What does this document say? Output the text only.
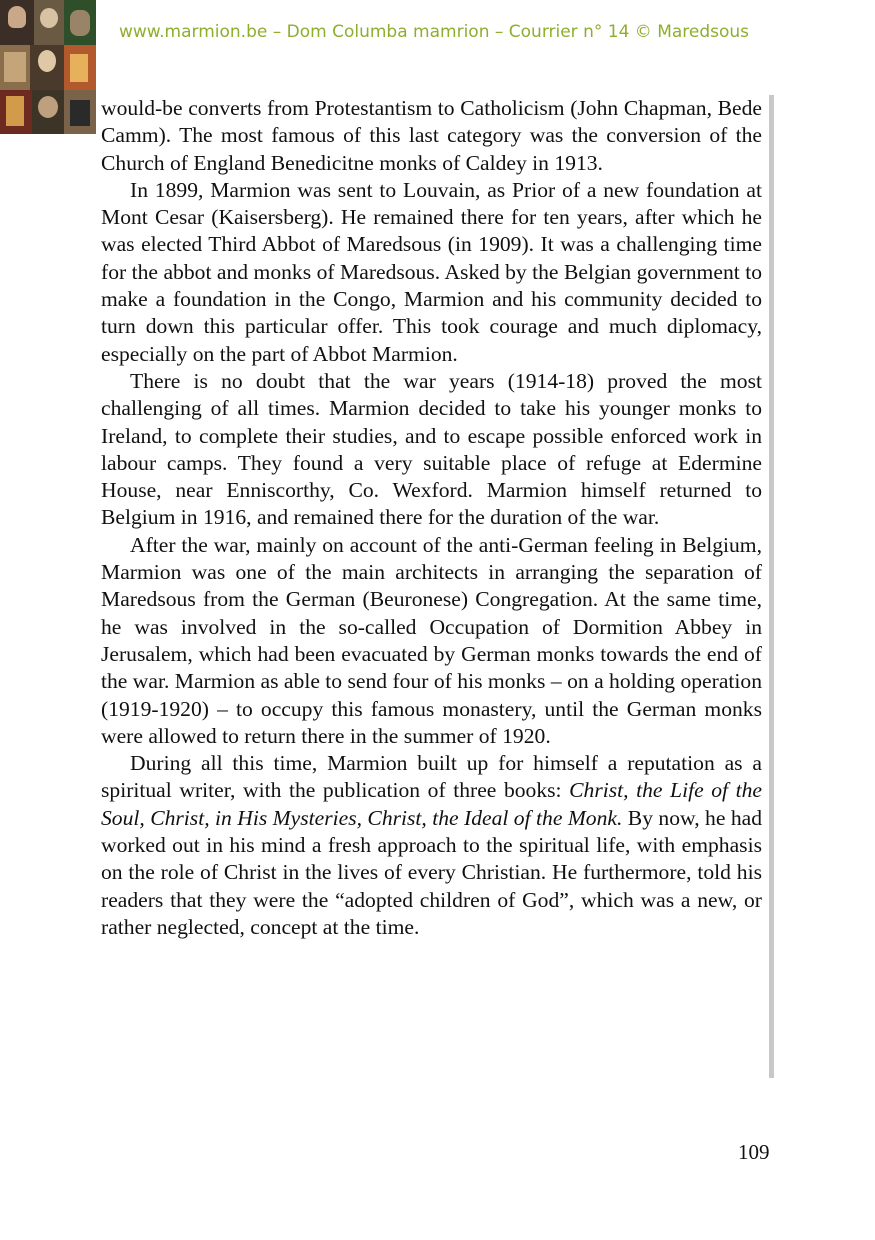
www.marmion.be – Dom Columba mamrion – Courrier n° 14 © Maredsous

would-be converts from Protestantism to Catholicism (John Chapman, Bede Camm). The most famous of this last category was the conversion of the Church of England Benedicitne monks of Caldey in 1913.

In 1899, Marmion was sent to Louvain, as Prior of a new foundation at Mont Cesar (Kaisersberg). He remained there for ten years, after which he was elected Third Abbot of Maredsous (in 1909). It was a challenging time for the abbot and monks of Maredsous. Asked by the Belgian government to make a foundation in the Congo, Marmion and his community decided to turn down this particular offer. This took courage and much diplomacy, especially on the part of Abbot Marmion.

There is no doubt that the war years (1914-18) proved the most challenging of all times. Marmion decided to take his younger monks to Ireland, to complete their studies, and to escape possible enforced work in labour camps. They found a very suitable place of refuge at Edermine House, near Enniscorthy, Co. Wexford. Marmion himself returned to Belgium in 1916, and remained there for the duration of the war.

After the war, mainly on account of the anti-German feeling in Belgium, Marmion was one of the main architects in arranging the separation of Maredsous from the German (Beuronese) Congregation. At the same time, he was involved in the so-called Occupation of Dormition Abbey in Jerusalem, which had been evacuated by German monks towards the end of the war. Marmion as able to send four of his monks – on a holding operation (1919-1920) – to occupy this famous monastery, until the German monks were allowed to return there in the summer of 1920.

During all this time, Marmion built up for himself a reputation as a spiritual writer, with the publication of three books: Christ, the Life of the Soul, Christ, in His Mysteries, Christ, the Ideal of the Monk. By now, he had worked out in his mind a fresh approach to the spiritual life, with emphasis on the role of Christ in the lives of every Christian. He furthermore, told his readers that they were the “adopted children of God”, which was a new, or rather neglected, concept at the time.

109
